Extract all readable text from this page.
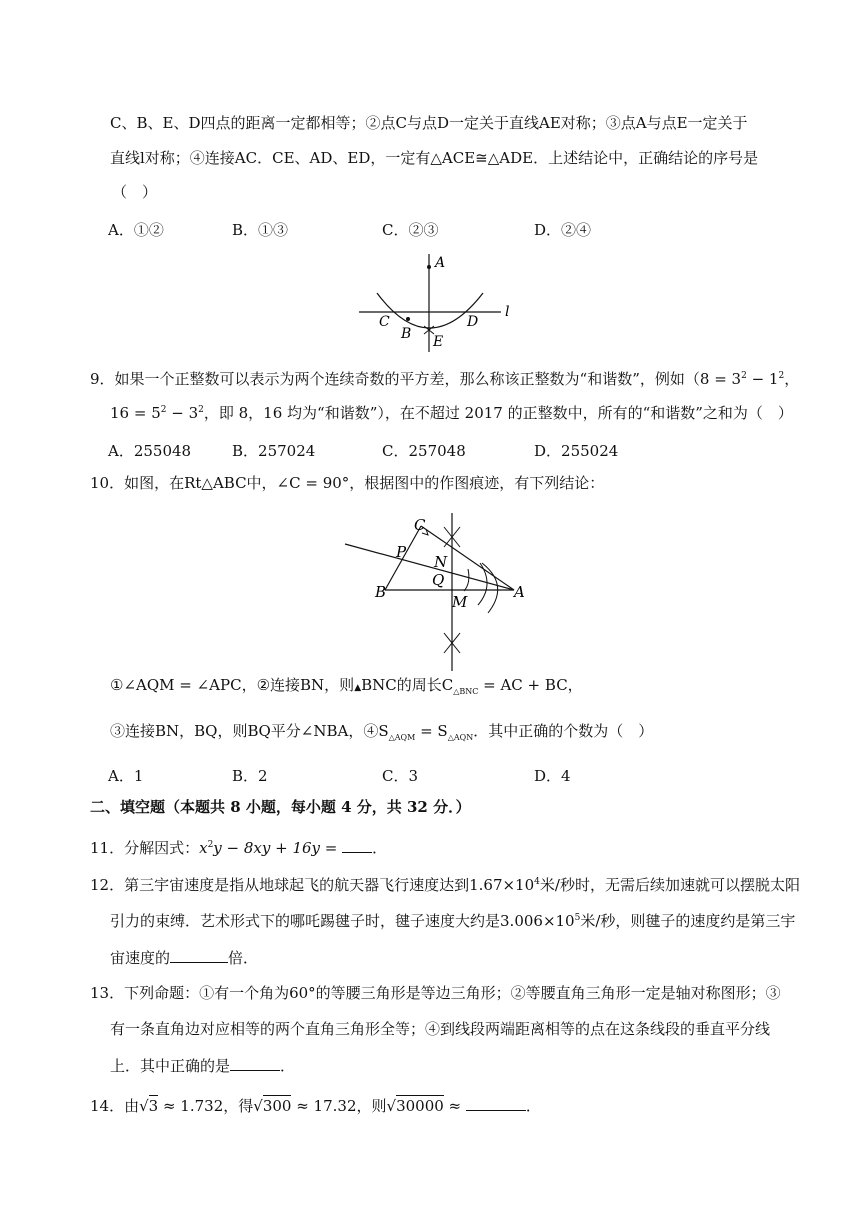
C、B、E、D四点的距离一定都相等；②点C与点D一定关于直线AE对称；③点A与点E一定关于
直线l对称；④连接AC．CE、AD、ED，一定有△ACE≅△ADE．上述结论中，正确结论的序号是
（　）
A．①②	B．①③	C．②③	D．②④
A
C
B
D
l
E
9．如果一个正整数可以表示为两个连续奇数的平方差，那么称该正整数为“和谐数”，例如（$8 = 3^2 - 1^2$，
$16 = 5^2 - 3^2$，即 8，16 均为“和谐数”），在不超过 2017 的正整数中，所有的“和谐数”之和为（　）
A．255048	B．257024	C．257048	D．255024
10．如图，在Rt△ABC中，∠C = 90°，根据图中的作图痕迹，有下列结论：
C
P
N
Q
B
M
A
①∠AQM = ∠APC，②连接BN，则▲BNC的周长$C_{\triangle BNC}$ = AC + BC，
③连接BN，BQ，则BQ平分∠NBA，$④S_{\triangle AQM} = S_{\triangle AQN}$．其中正确的个数为（　）
A．1	B．2	C．3	D．4
二、填空题（本题共 8 小题，每小题 4 分，共 32 分．）
11．分解因式：$x^2y - 8xy + 16y$ = ．
12．第三宇宙速度是指从地球起飞的航天器飞行速度达到$1.67\times 10^4$米/秒时，无需后续加速就可以摆脱太阳
引力的束缚．艺术形式下的哪吒踢毽子时，毽子速度大约是$3.006\times 10^5$米/秒，则毽子的速度约是第三宇
宙速度的	倍．
13．下列命题：①有一个角为60°的等腰三角形是等边三角形；②等腰直角三角形一定是轴对称图形；③
有一条直角边对应相等的两个直角三角形全等；④到线段两端距离相等的点在这条线段的垂直平分线
上．其中正确的是	．
14．由√3 ≈ 1.732，得√300 ≈ 17.32，则√30000 ≈	．
